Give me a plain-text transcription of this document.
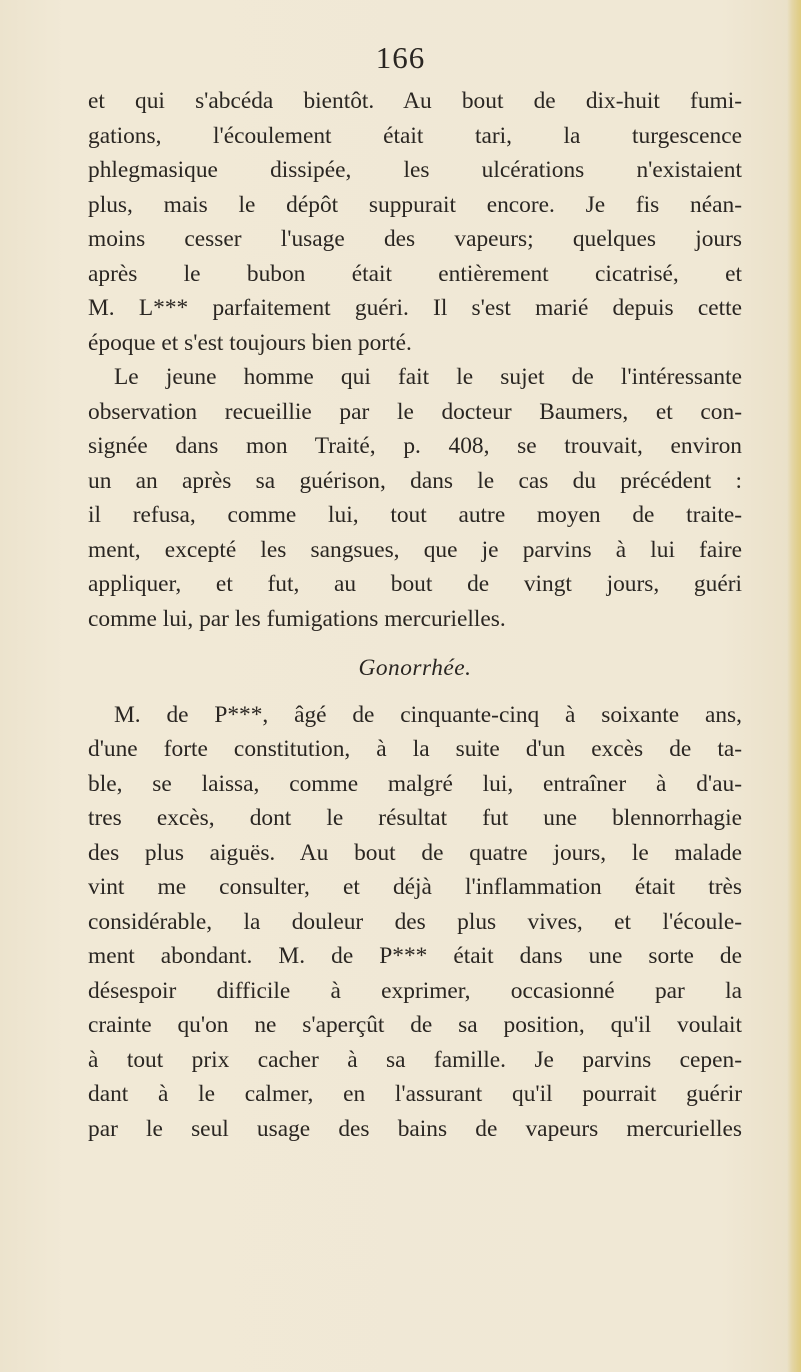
166
et qui s'abcéda bientôt. Au bout de dix-huit fumi-
gations, l'écoulement était tari, la turgescence
phlegmasique dissipée, les ulcérations n'existaient
plus, mais le dépôt suppurait encore. Je fis néan-
moins cesser l'usage des vapeurs; quelques jours
après le bubon était entièrement cicatrisé, et
M. L*** parfaitement guéri. Il s'est marié depuis cette
époque et s'est toujours bien porté.
Le jeune homme qui fait le sujet de l'intéressante
observation recueillie par le docteur Baumers, et con-
signée dans mon Traité, p. 408, se trouvait, environ
un an après sa guérison, dans le cas du précédent :
il refusa, comme lui, tout autre moyen de traite-
ment, excepté les sangsues, que je parvins à lui faire
appliquer, et fut, au bout de vingt jours, guéri
comme lui, par les fumigations mercurielles.
Gonorrhée.
M. de P***, âgé de cinquante-cinq à soixante ans,
d'une forte constitution, à la suite d'un excès de ta-
ble, se laissa, comme malgré lui, entraîner à d'au-
tres excès, dont le résultat fut une blennorrhagie
des plus aiguës. Au bout de quatre jours, le malade
vint me consulter, et déjà l'inflammation était très
considérable, la douleur des plus vives, et l'écoule-
ment abondant. M. de P*** était dans une sorte de
désespoir difficile à exprimer, occasionné par la
crainte qu'on ne s'aperçût de sa position, qu'il voulait
à tout prix cacher à sa famille. Je parvins cepen-
dant à le calmer, en l'assurant qu'il pourrait guérir
par le seul usage des bains de vapeurs mercurielles
